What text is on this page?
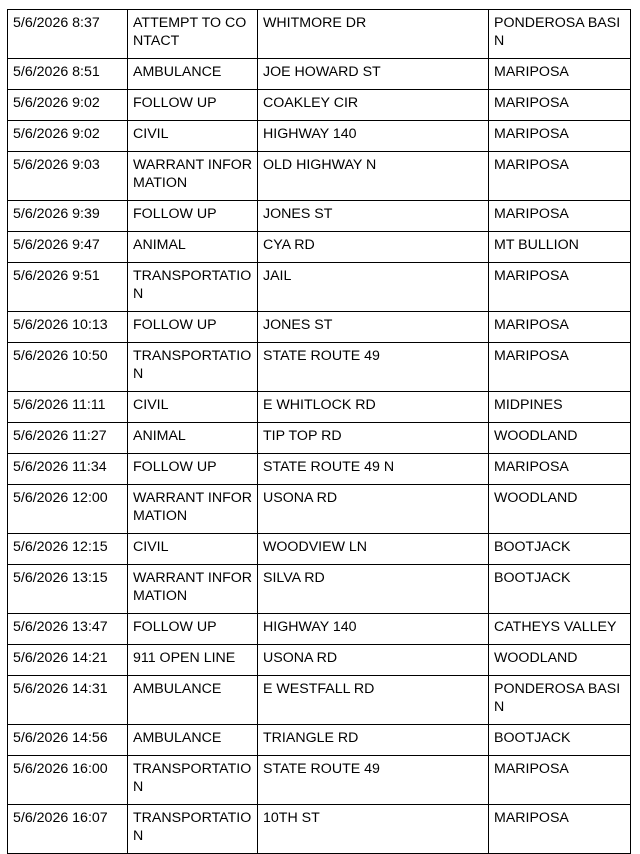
5/6/2026 8:37	ATTEMPT TO CONTACT	WHITMORE DR	PONDEROSA BASIN
5/6/2026 8:51	AMBULANCE	JOE HOWARD ST	MARIPOSA
5/6/2026 9:02	FOLLOW UP	COAKLEY CIR	MARIPOSA
5/6/2026 9:02	CIVIL	HIGHWAY 140	MARIPOSA
5/6/2026 9:03	WARRANT INFORMATION	OLD HIGHWAY N	MARIPOSA
5/6/2026 9:39	FOLLOW UP	JONES ST	MARIPOSA
5/6/2026 9:47	ANIMAL	CYA RD	MT BULLION
5/6/2026 9:51	TRANSPORTATION	JAIL	MARIPOSA
5/6/2026 10:13	FOLLOW UP	JONES ST	MARIPOSA
5/6/2026 10:50	TRANSPORTATION	STATE ROUTE 49	MARIPOSA
5/6/2026 11:11	CIVIL	E WHITLOCK RD	MIDPINES
5/6/2026 11:27	ANIMAL	TIP TOP RD	WOODLAND
5/6/2026 11:34	FOLLOW UP	STATE ROUTE 49 N	MARIPOSA
5/6/2026 12:00	WARRANT INFORMATION	USONA RD	WOODLAND
5/6/2026 12:15	CIVIL	WOODVIEW LN	BOOTJACK
5/6/2026 13:15	WARRANT INFORMATION	SILVA RD	BOOTJACK
5/6/2026 13:47	FOLLOW UP	HIGHWAY 140	CATHEYS VALLEY
5/6/2026 14:21	911 OPEN LINE	USONA RD	WOODLAND
5/6/2026 14:31	AMBULANCE	E WESTFALL RD	PONDEROSA BASIN
5/6/2026 14:56	AMBULANCE	TRIANGLE RD	BOOTJACK
5/6/2026 16:00	TRANSPORTATION	STATE ROUTE 49	MARIPOSA
5/6/2026 16:07	TRANSPORTATION	10TH ST	MARIPOSA
